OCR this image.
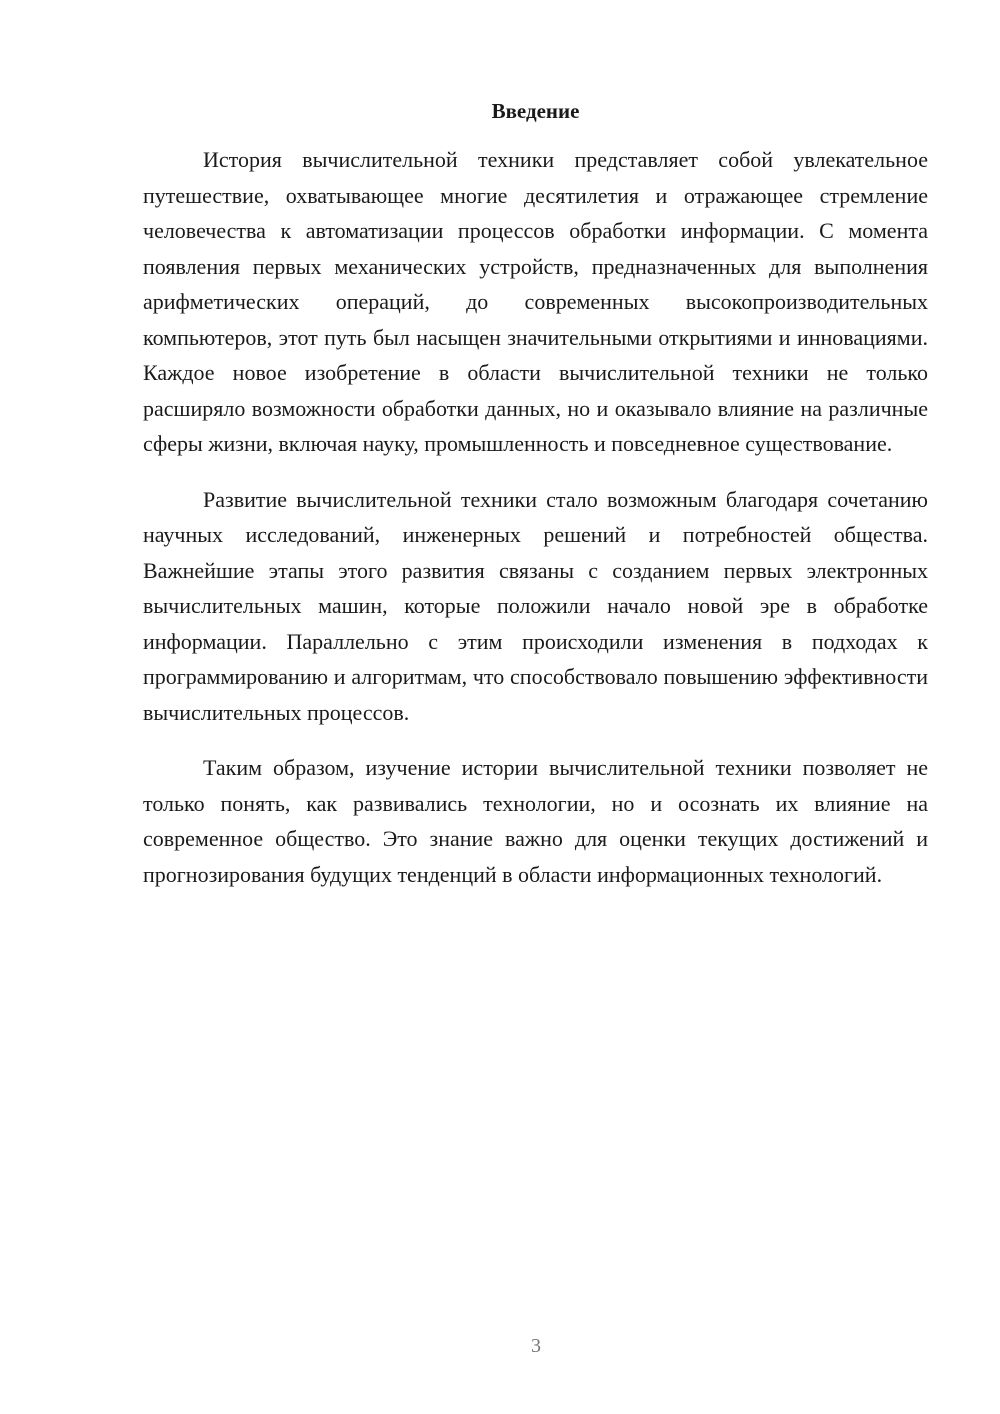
Введение

История вычислительной техники представляет собой увлекательное путешествие, охватывающее многие десятилетия и отражающее стремление человечества к автоматизации процессов обработки информации. С момента появления первых механических устройств, предназначенных для выполнения арифметических операций, до современных высокопроизводительных компьютеров, этот путь был насыщен значительными открытиями и инновациями. Каждое новое изобретение в области вычислительной техники не только расширяло возможности обработки данных, но и оказывало влияние на различные сферы жизни, включая науку, промышленность и повседневное существование.

Развитие вычислительной техники стало возможным благодаря сочетанию научных исследований, инженерных решений и потребностей общества. Важнейшие этапы этого развития связаны с созданием первых электронных вычислительных машин, которые положили начало новой эре в обработке информации. Параллельно с этим происходили изменения в подходах к программированию и алгоритмам, что способствовало повышению эффективности вычислительных процессов.

Таким образом, изучение истории вычислительной техники позволяет не только понять, как развивались технологии, но и осознать их влияние на современное общество. Это знание важно для оценки текущих достижений и прогнозирования будущих тенденций в области информационных технологий.

3
